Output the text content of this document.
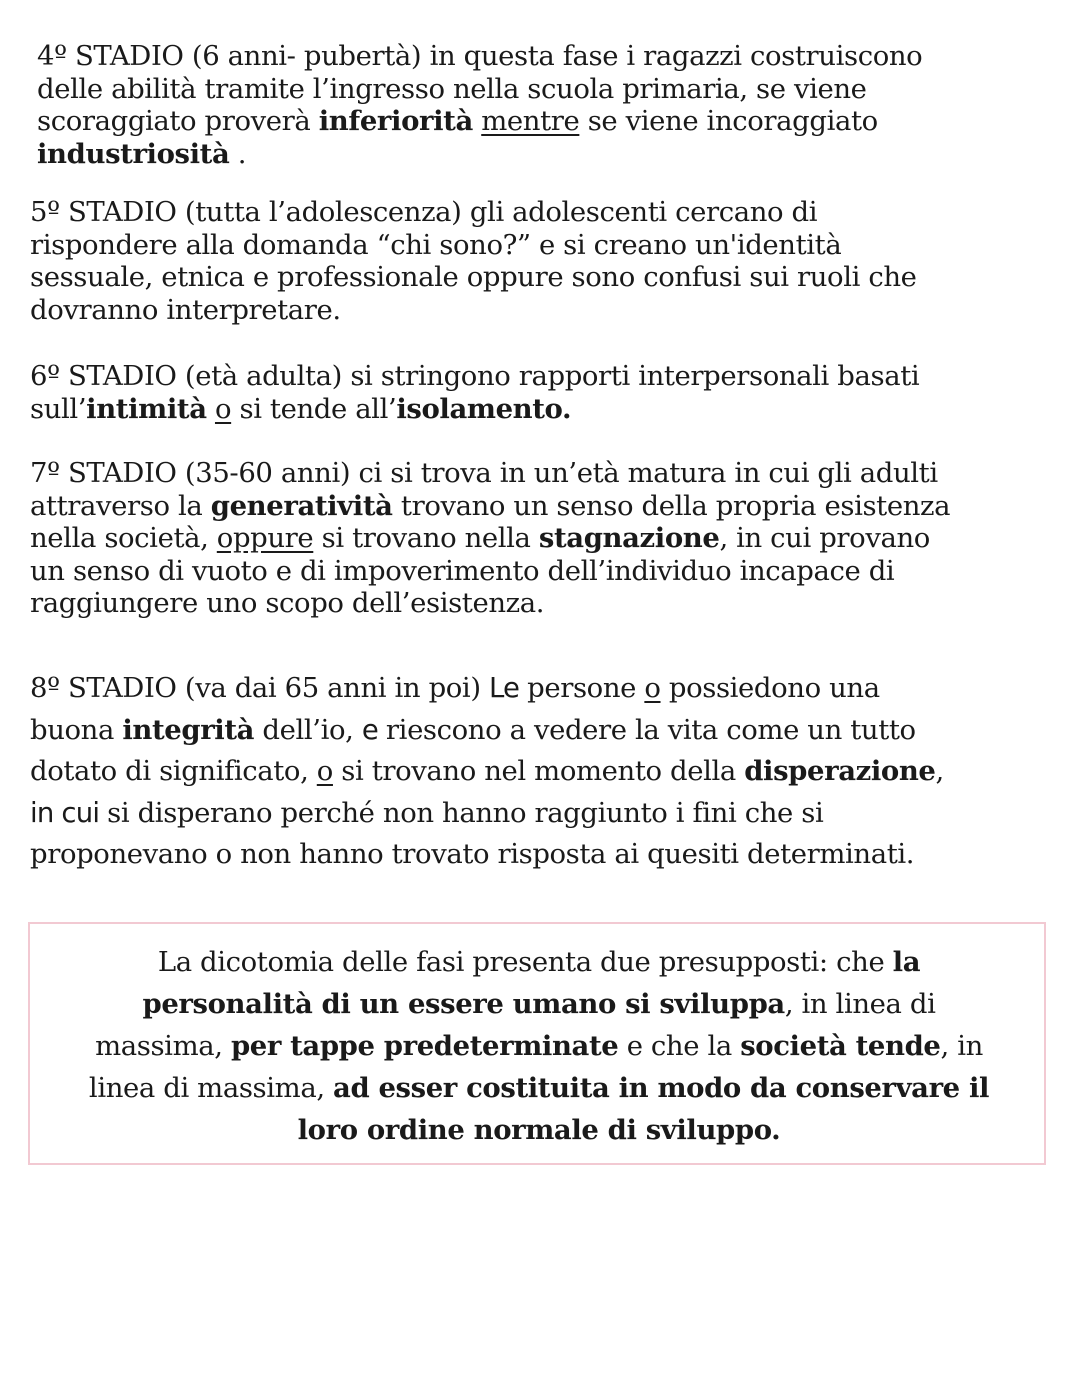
4º STADIO (6 anni- pubertà) in questa fase i ragazzi costruiscono
delle abilità tramite l’ingresso nella scuola primaria, se viene
scoraggiato proverà inferiorità mentre se viene incoraggiato
industriosità .

5º STADIO (tutta l’adolescenza) gli adolescenti cercano di
rispondere alla domanda “chi sono?” e si creano un'identità
sessuale, etnica e professionale oppure sono confusi sui ruoli che
dovranno interpretare.

6º STADIO (età adulta) si stringono rapporti interpersonali basati
sull’intimità o si tende all’isolamento.

7º STADIO (35-60 anni) ci si trova in un’età matura in cui gli adulti
attraverso la generatività trovano un senso della propria esistenza
nella società, oppure si trovano nella stagnazione, in cui provano
un senso di vuoto e di impoverimento dell’individuo incapace di
raggiungere uno scopo dell’esistenza.

8º STADIO (va dai 65 anni in poi) Le persone o possiedono una
buona integrità dell’io, e riescono a vedere la vita come un tutto
dotato di significato, o si trovano nel momento della disperazione,
in cui si disperano perché non hanno raggiunto i fini che si
proponevano o non hanno trovato risposta ai quesiti determinati.

La dicotomia delle fasi presenta due presupposti: che la
personalità di un essere umano si sviluppa, in linea di
massima, per tappe predeterminate e che la società tende, in
linea di massima, ad esser costituita in modo da conservare il
loro ordine normale di sviluppo.
